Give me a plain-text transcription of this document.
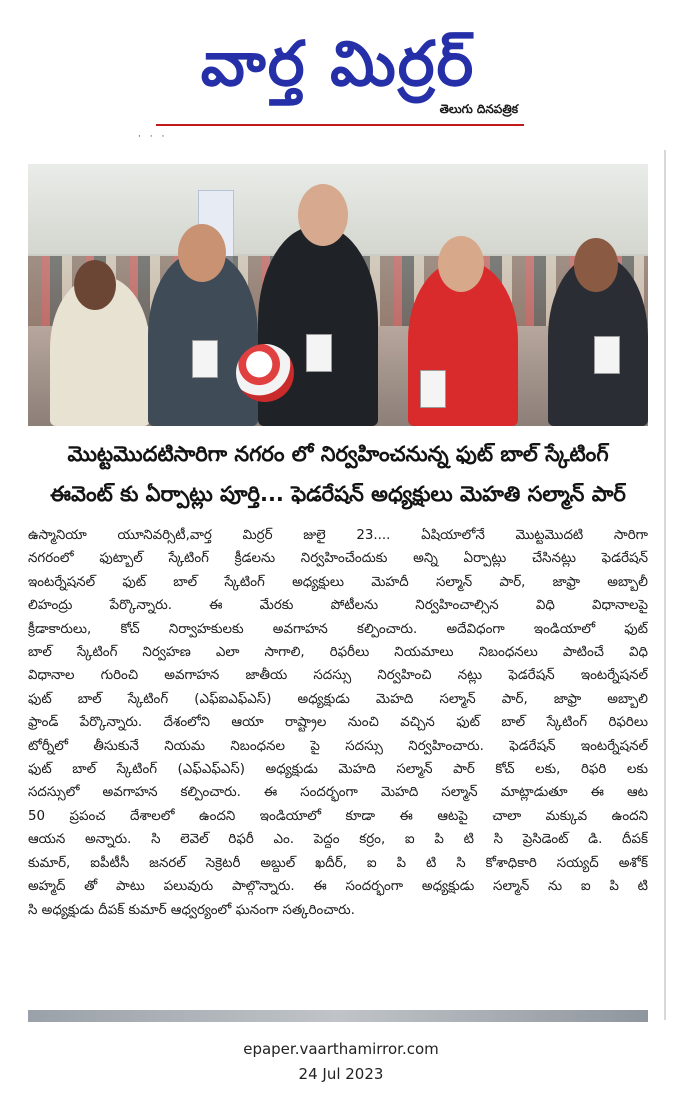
వార్త మిర్రర్
తెలుగు దినపత్రిక
· · ·
మొట్టమొదటిసారిగా నగరం లో నిర్వహించనున్న ఫుట్ బాల్ స్కేటింగ్
ఈవెంట్ కు ఏర్పాట్లు పూర్తి... ఫెడరేషన్ అధ్యక్షులు మెహతి సల్మాన్ పార్
ఉస్మానియా యూనివర్సిటీ,వార్త మిర్రర్ జులై 23.... ఏషియాలోనే మొట్టమొదటి సారిగా
నగరంలో ఫుట్బాల్ స్కేటింగ్ క్రీడలను నిర్వహించేందుకు అన్ని ఏర్పాట్లు చేసినట్లు ఫెడరేషన్
ఇంటర్నేషనల్ ఫుట్ బాల్ స్కేటింగ్ అధ్యక్షులు మెహదీ సల్మాన్ పార్, జాఫ్రా అబ్బాలీ
లిహంద్రు పేర్కొన్నారు. ఈ మేరకు పోటీలను నిర్వహించాల్సిన విధి విధానాలపై
క్రీడాకారులు, కోచ్ నిర్వాహకులకు అవగాహన కల్పించారు. అదేవిధంగా ఇండియాలో ఫుట్
బాల్ స్కేటింగ్ నిర్వహణ ఎలా సాగాలి, రిఫరీలు నియమాలు నిబంధనలు పాటించే విధి
విధానాల గురించి అవగాహన జాతీయ సదస్సు నిర్వహించి నట్లు ఫెడరేషన్ ఇంటర్నేషనల్
ఫుట్ బాల్ స్కేటింగ్ (ఎఫ్ఐఎఫ్ఎస్) అధ్యక్షుడు మెహది సల్మాన్ పార్, జాఫ్రా అబ్బాలి
ఫ్రాండ్ పేర్కొన్నారు. దేశంలోని ఆయా రాష్ట్రాల నుంచి వచ్చిన ఫుట్ బాల్ స్కేటింగ్ రిఫరిలు
టోర్నీలో తీసుకునే నియమ నిబంధనల పై సదస్సు నిర్వహించారు. ఫెడరేషన్ ఇంటర్నేషనల్
ఫుట్ బాల్ స్కేటింగ్ (ఎఫ్ఎఫ్ఎస్) అధ్యక్షుడు మెహది సల్మాన్ పార్ కోచ్ లకు, రిఫరి లకు
సదస్సులో అవగాహన కల్పించారు. ఈ సందర్భంగా మెహది సల్మాన్ మాట్లాడుతూ ఈ ఆట
50 ప్రపంచ దేశాలలో ఉందని ఇండియాలో కూడా ఈ ఆటపై చాలా మక్కువ ఉందని
ఆయన అన్నారు. సి లెవెల్ రిఫరీ ఎం. పెద్దం కర్రం, ఐ పి టి సి ప్రెసిడెంట్ డి. దీపక్
కుమార్, ఐపీటీసీ జనరల్ సెక్రెటరీ అబ్దుల్ ఖదీర్, ఐ పి టి సి కోశాధికారి సయ్యద్ అశోక్
అహ్మద్ తో పాటు పలువురు పాల్గొన్నారు. ఈ సందర్భంగా అధ్యక్షుడు సల్మాన్ ను ఐ పి టి
సి అధ్యక్షుడు దీపక్ కుమార్ ఆధ్వర్యంలో ఘనంగా సత్కరించారు.
epaper.vaarthamirror.com
24 Jul 2023
